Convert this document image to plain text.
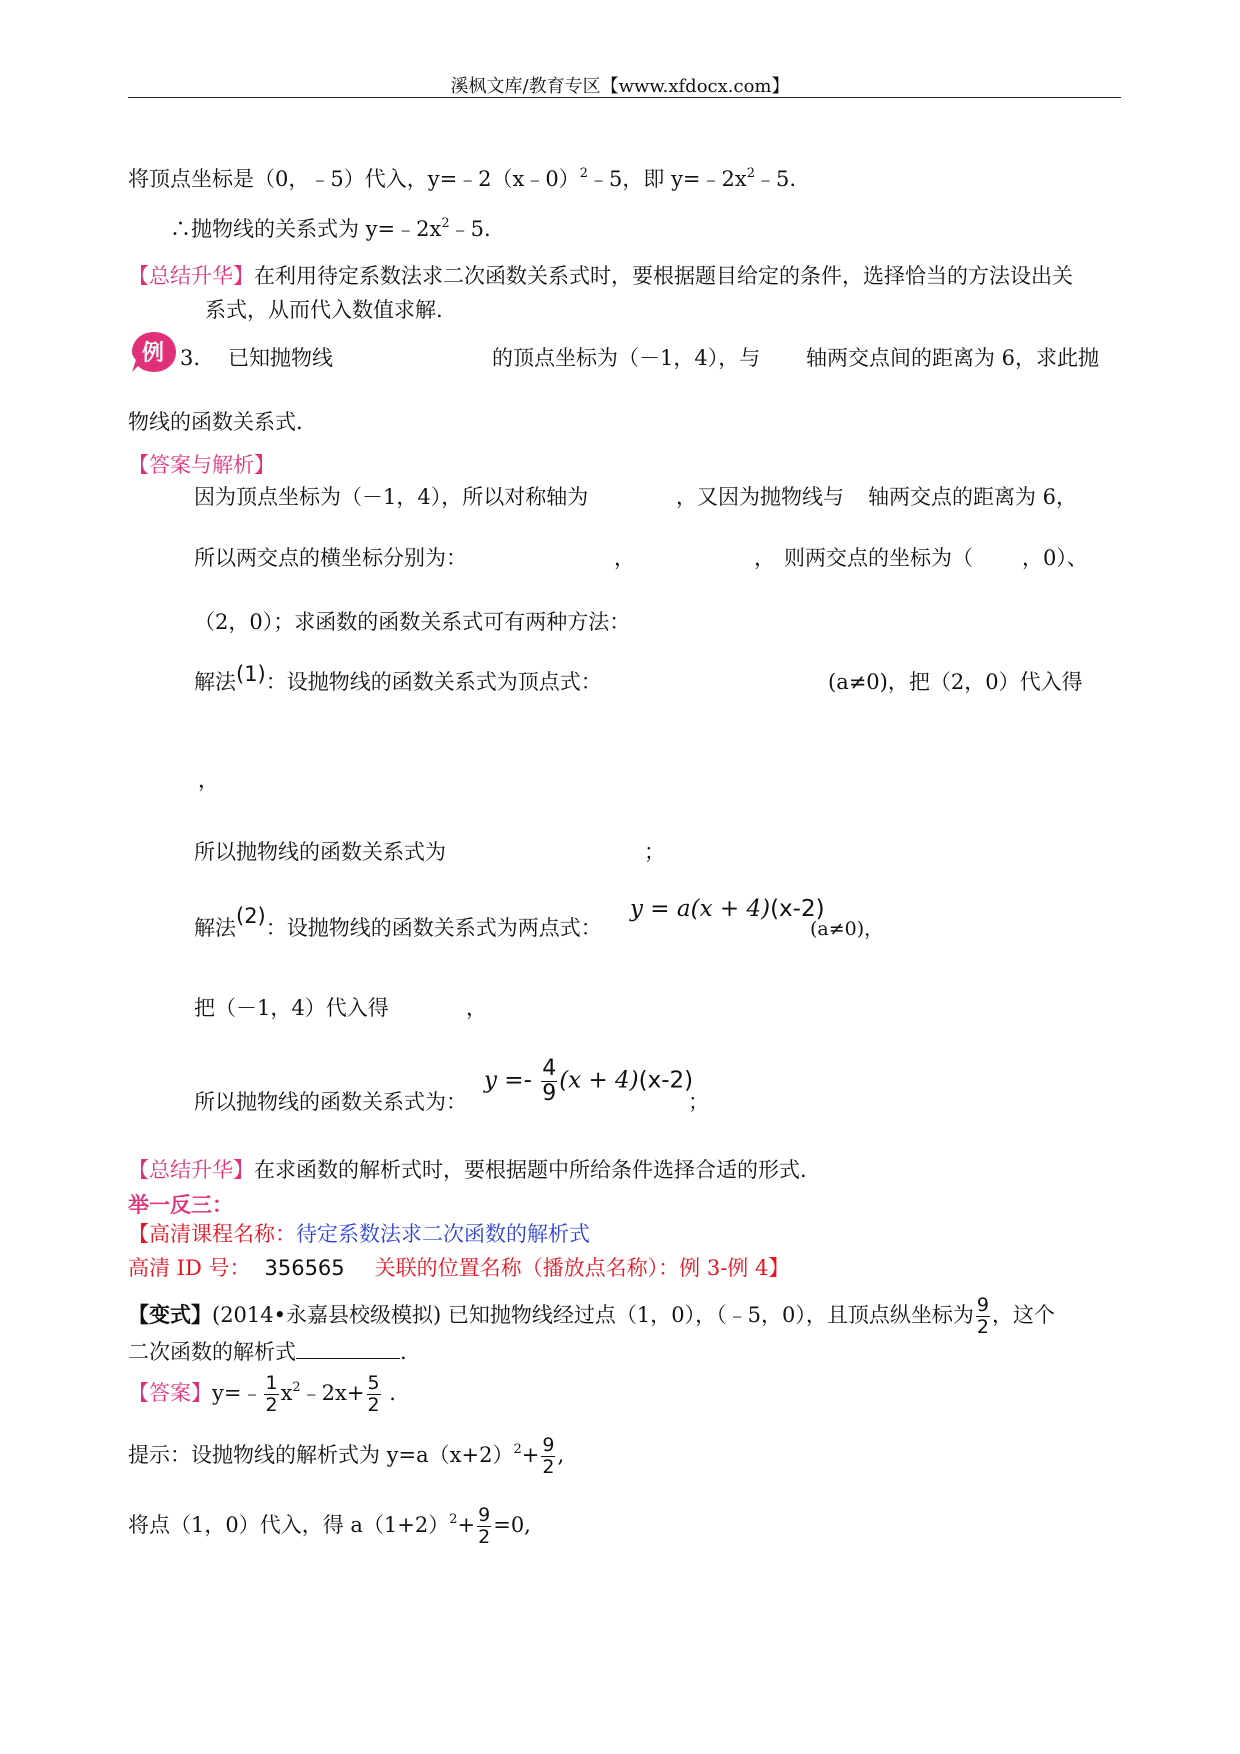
溪枫文库/教育专区【www.xfdocx.com】
将顶点坐标是（0，﹣5）代入，y=﹣2（x﹣0）$^2$﹣5，即 $y=﹣2x^2﹣5$.
∴抛物线的关系式为 $y=﹣2x^2﹣5$.
【总结升华】在利用待定系数法求二次函数关系式时，要根据题目给定的条件，选择恰当的方法设出关
系式，从而代入数值求解.
例 3. 已知抛物线	的顶点坐标为（－1，4），与 轴两交点间的距离为 6，求此抛
物线的函数关系式.
【答案与解析】
因为顶点坐标为（－1，4），所以对称轴为	，又因为抛物线与 轴两交点的距离为 6，
所以两交点的横坐标分别为：	，	， 则两交点的坐标为（ ，0）、
（2，0）；求函数的函数关系式可有两种方法：
解法(1)：设抛物线的函数关系式为顶点式：	(a≠0)，把（2，0）代入得
，
所以抛物线的函数关系式为	；
解法(2)：设抛物线的函数关系式为两点式：
y = a(x + 4)(x-2)
(a≠0)，
把（－1，4）代入得	，
所以抛物线的函数关系式为：
$y =- \frac{4}{9} (x + 4)(x-2)$
；
【总结升华】在求函数的解析式时，要根据题中所给条件选择合适的形式.
举一反三：
【高清课程名称：待定系数法求二次函数的解析式
高清 ID 号： 356565 关联的位置名称（播放点名称）：例 3-例 4】
【变式】(2014•永嘉县校级模拟) 已知抛物线经过点（1，0），（﹣5，0），且顶点纵坐标为 $\frac{9}{2}$ ，这个
二次函数的解析式	.
【答案】y=﹣ $\frac{1}{2}$ $x^2﹣2x+ \frac{5}{2}$ .
提示：设抛物线的解析式为 $y=a(x+2)^2+ \frac{9}{2}$ ,
将点（1，0）代入，得 $a(1+2)^2+ \frac{9}{2} =0$,
